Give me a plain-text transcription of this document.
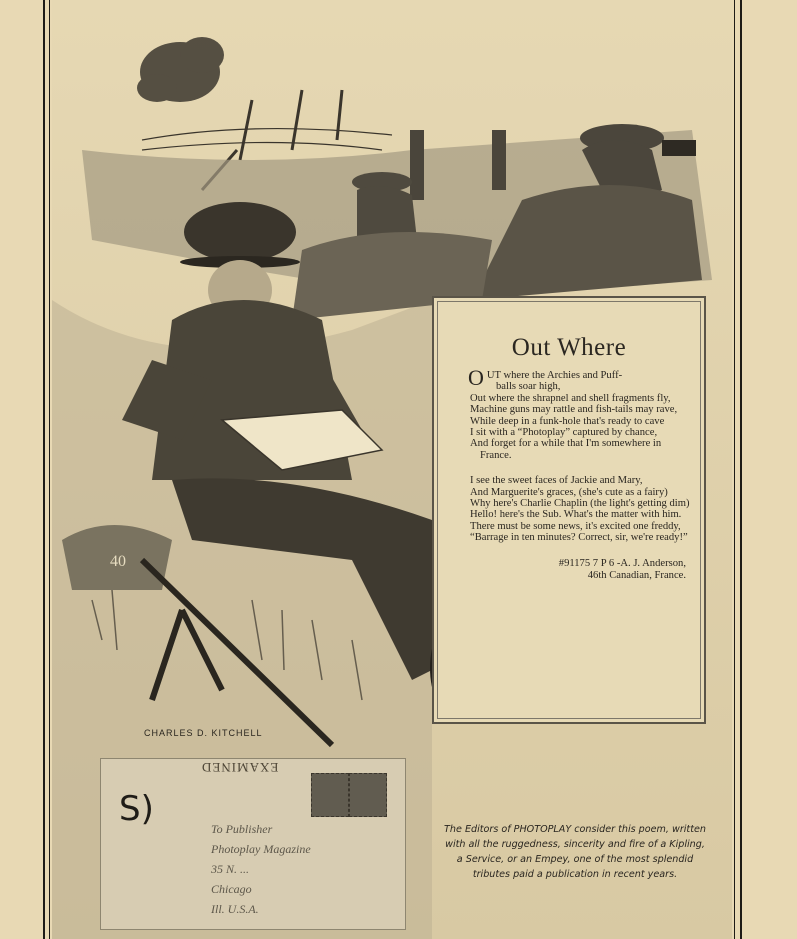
40
CHARLES D. KITCHELL
EXAMINED
S)	To Publisher
Photoplay Magazine
35 N. ...
Chicago
Ill. U.S.A.
Out Where
O UT where the Archies and Puff-
balls soar high,
Out where the shrapnel and shell fragments fly,
Machine guns may rattle and fish-tails may rave,
While deep in a funk-hole that's ready to cave
I sit with a “Photoplay” captured by chance,
And forget for a while that I'm somewhere in France.
I see the sweet faces of Jackie and Mary,
And Marguerite's graces, (she's cute as a fairy)
Why here's Charlie Chaplin (the light's getting dim)
Hello! here's the Sub. What's the matter with him.
There must be some news, it's excited one freddy,
“Barrage in ten minutes? Correct, sir, we're ready!”
#91175 7 P 6 -A. J. Anderson,
46th Canadian, France.
The Editors of PHOTOPLAY consider this poem, written with all the ruggedness, sincerity and fire of a Kipling, a Service, or an Empey, one of the most splendid tributes paid a publication in recent years.
